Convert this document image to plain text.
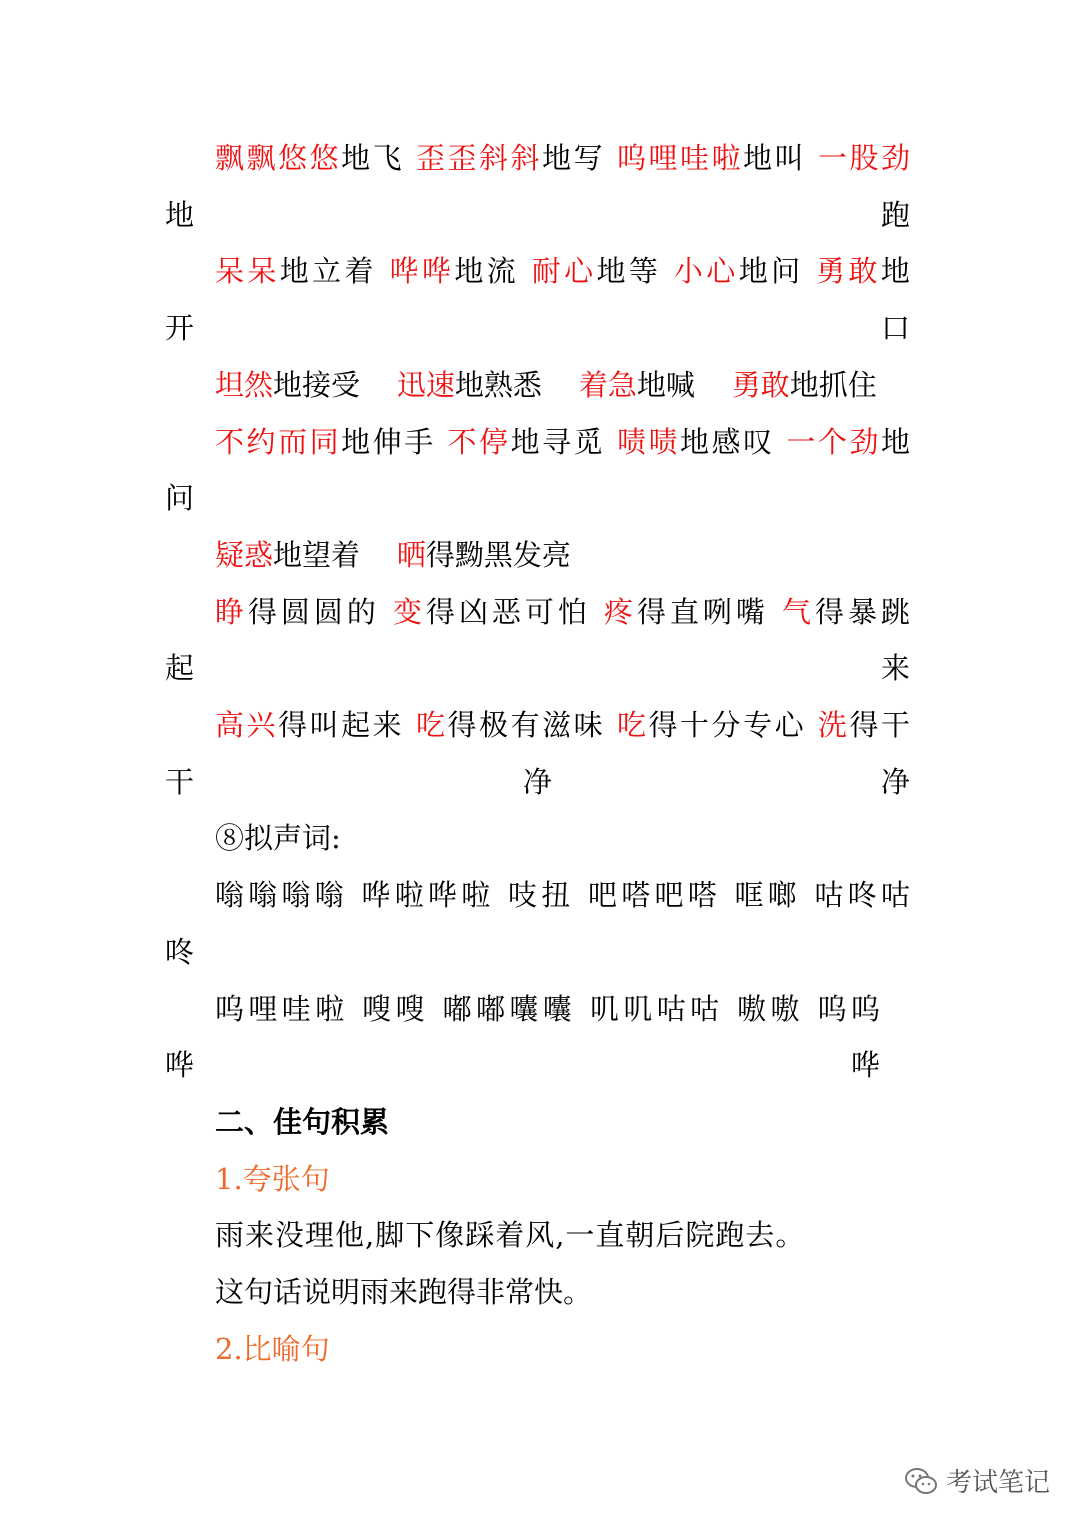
飘飘悠悠地飞 歪歪斜斜地写 呜哩哇啦地叫 一股劲
地跑
呆呆地立着 哗哗地流 耐心地等 小心地问 勇敢地
开口
坦然地接受 迅速地熟悉 着急地喊 勇敢地抓住
不约而同地伸手 不停地寻觅 啧啧地感叹 一个劲地
问
疑惑地望着 晒得黝黑发亮
睁得圆圆的 变得凶恶可怕 疼得直咧嘴 气得暴跳
起来
高兴得叫起来 吃得极有滋味 吃得十分专心 洗得干
干净净
⑧拟声词:
嗡嗡嗡嗡 哗啦哗啦 吱扭 吧嗒吧嗒 哐啷 咕咚咕
咚
呜哩哇啦 嗖嗖 嘟嘟囔囔 叽叽咕咕 嗷嗷 呜呜
哗哗
二、佳句积累
1.夸张句
雨来没理他,脚下像踩着风,一直朝后院跑去。
这句话说明雨来跑得非常快。
2.比喻句
考试笔记
